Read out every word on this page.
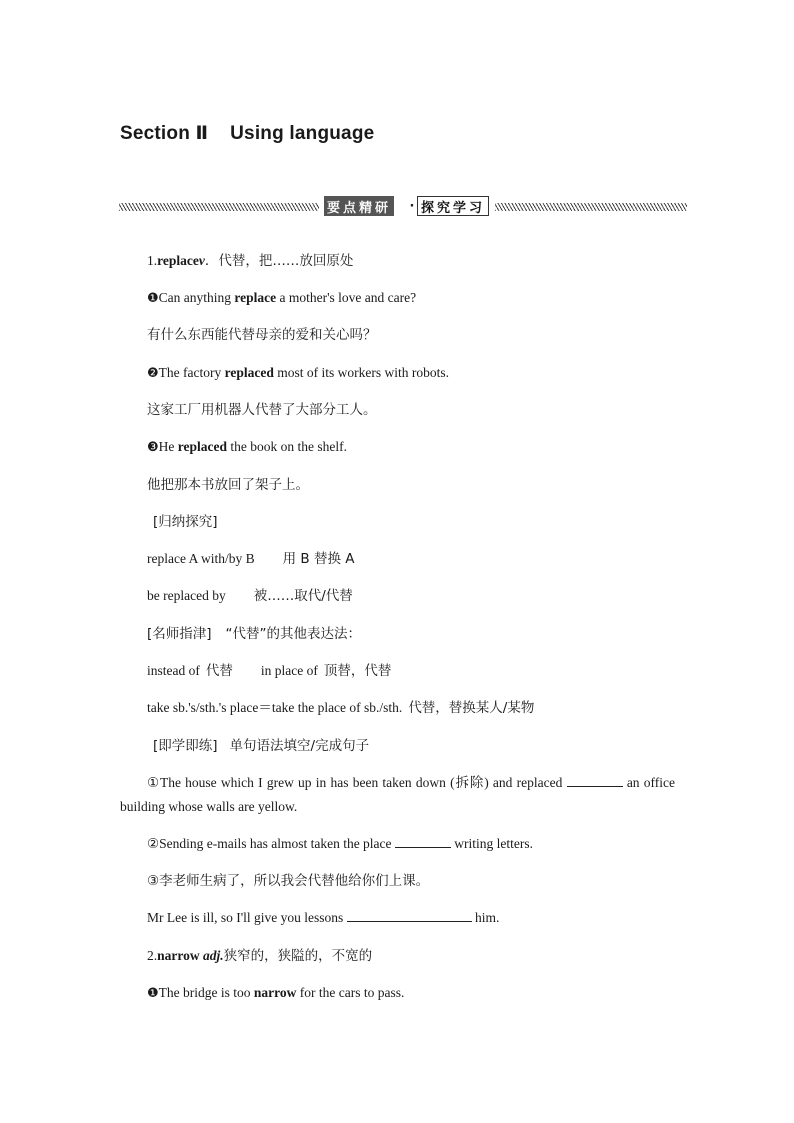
Section Ⅱ    Using language
要点精研 · 探究学习
1.replacev．代替，把……放回原处
❶Can anything replace a mother's love and care?
有什么东西能代替母亲的爱和关心吗？
❷The factory replaced most of its workers with robots.
这家工厂用机器人代替了大部分工人。
❸He replaced the book on the shelf.
他把那本书放回了架子上。
[归纳探究]
replace A with/by B 用 B 替换 A
be replaced by 被……取代/代替
[名师指津] “代替”的其他表达法：
instead of 代替 in place of 顶替，代替
take sb.'s/sth.'s place＝take the place of sb./sth. 代替，替换某人/某物
[即学即练] 单句语法填空/完成句子
①The house which I grew up in has been taken down (拆除) and replaced	an office building whose walls are yellow.
②Sending e-mails has almost taken the place	writing letters.
③李老师生病了，所以我会代替他给你们上课。
Mr Lee is ill, so I'll give you lessons	him.
2.narrow adj.狭窄的，狭隘的，不宽的
❶The bridge is too narrow for the cars to pass.
